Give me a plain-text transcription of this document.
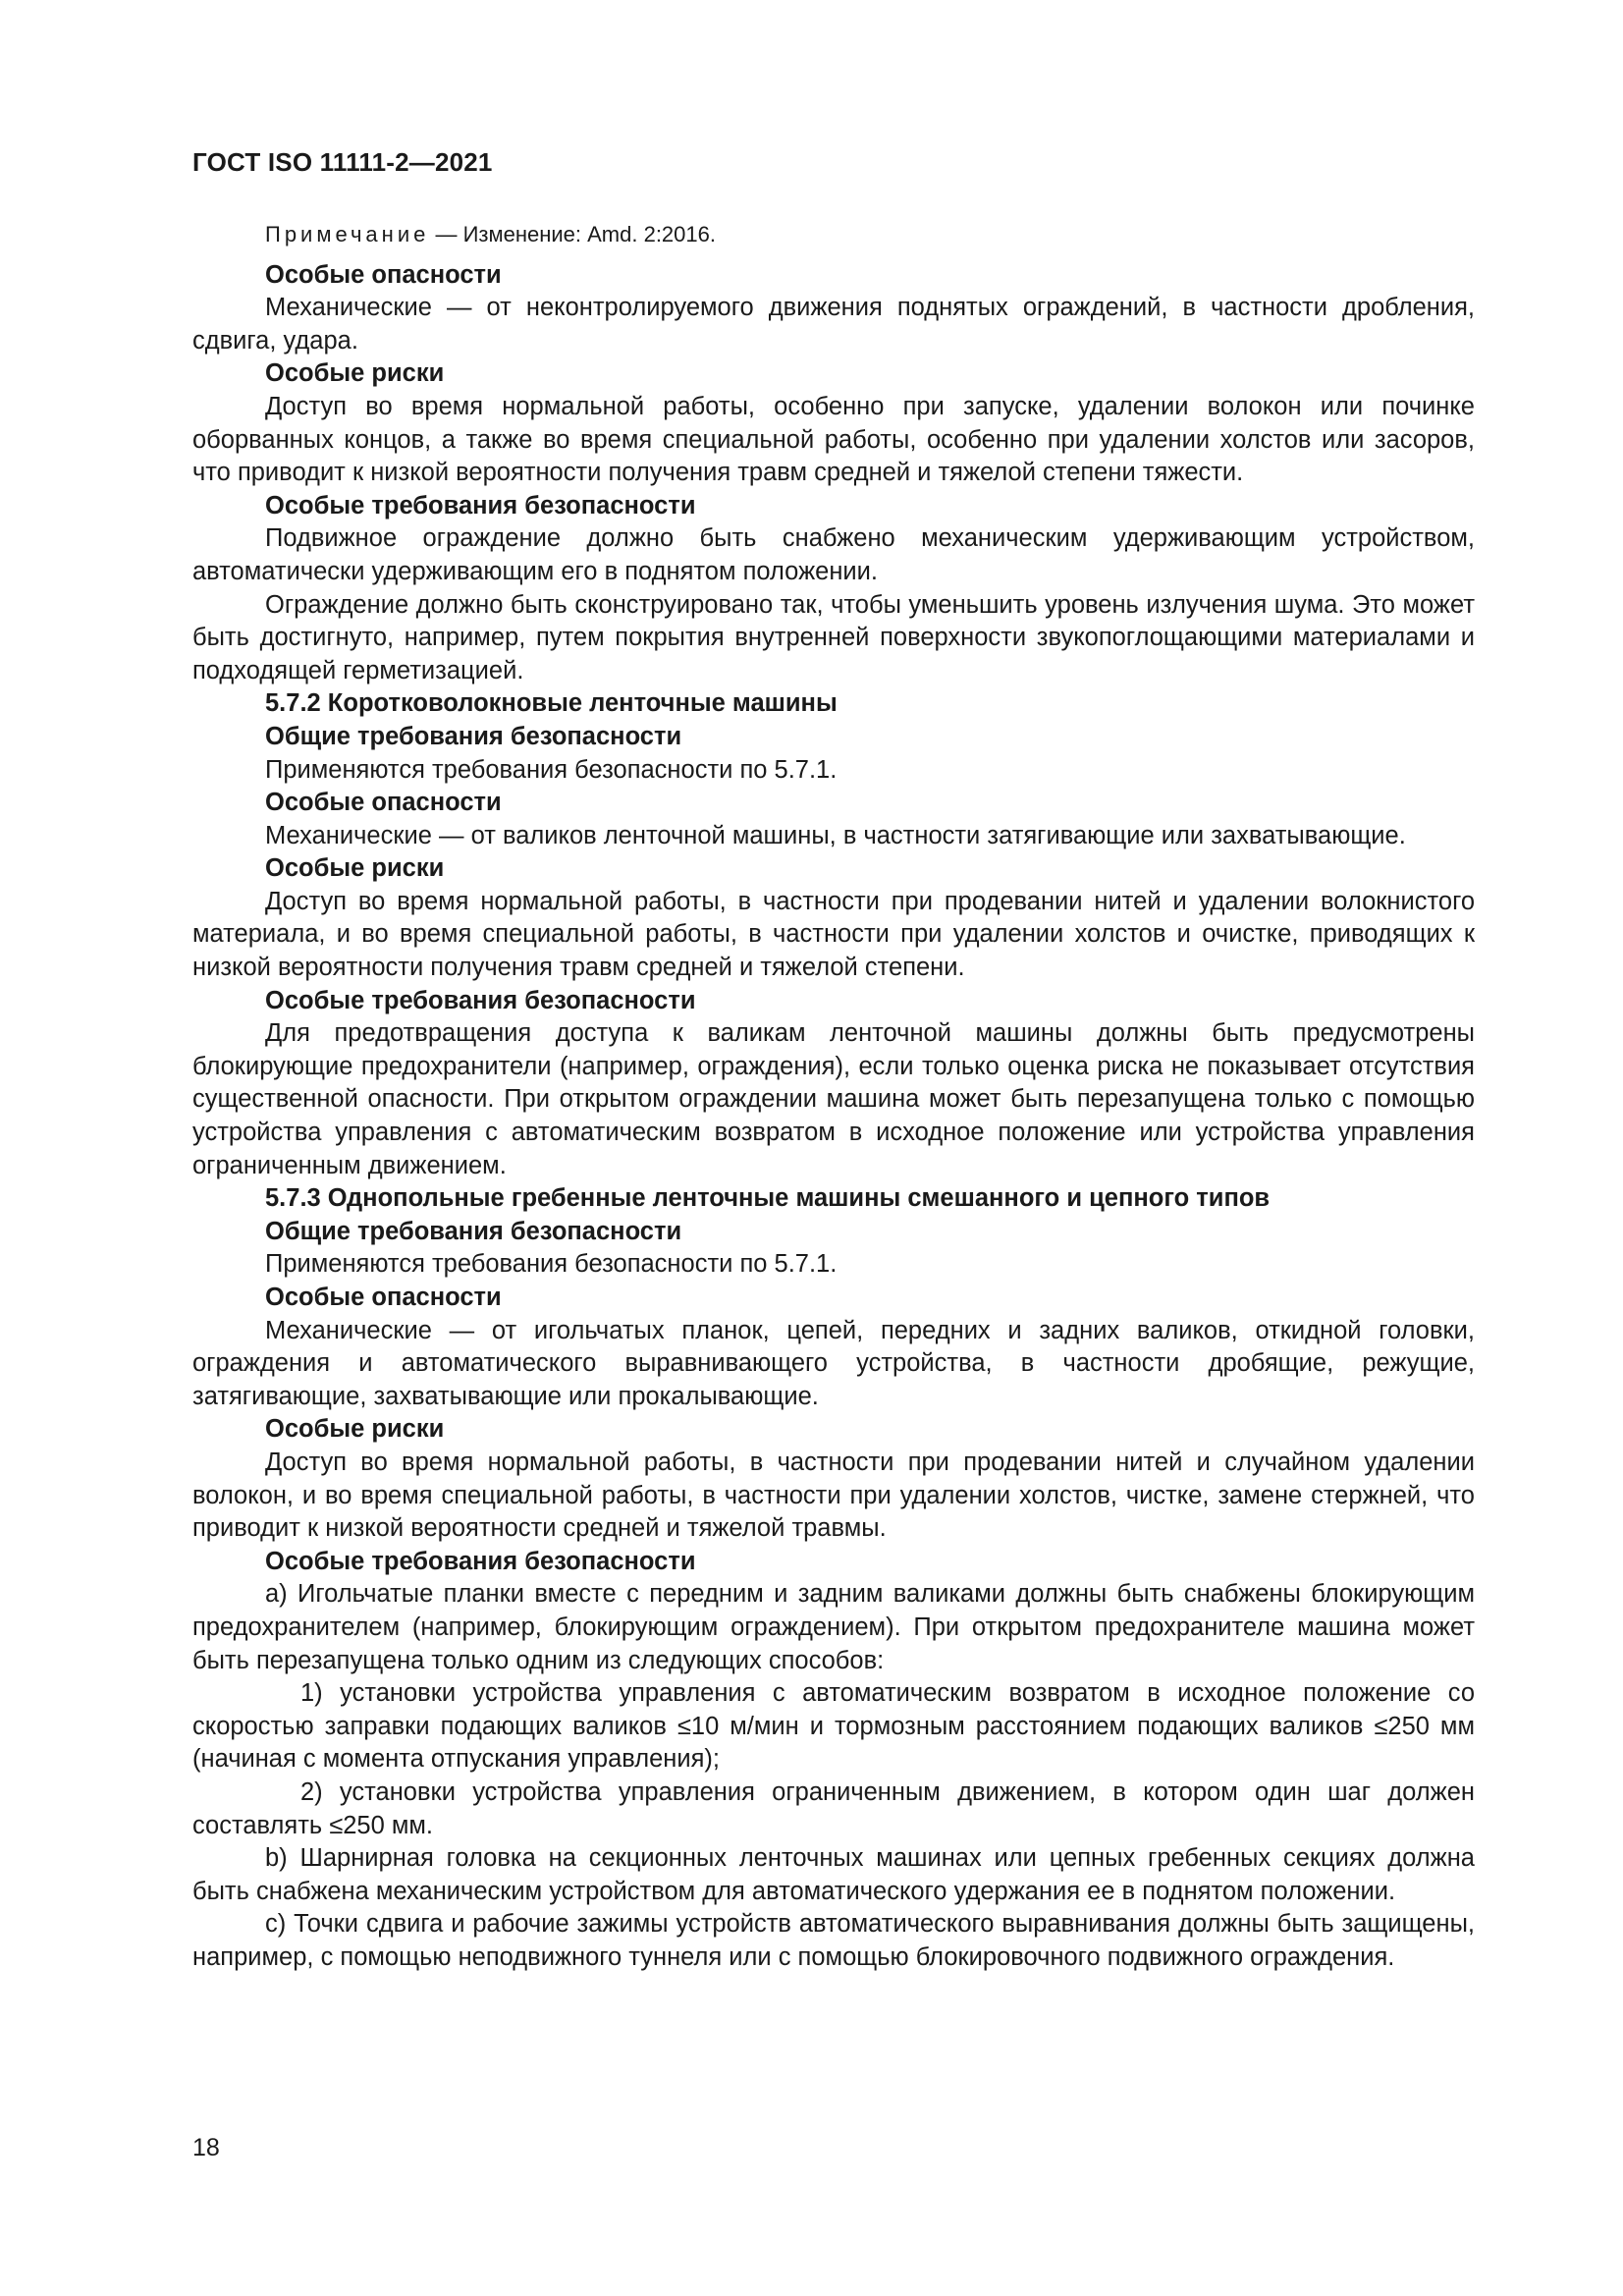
ГОСТ ISO 11111-2—2021

Примечание — Изменение: Amd. 2:2016.

Особые опасности

Механические — от неконтролируемого движения поднятых ограждений, в частности дробления, сдвига, удара.

Особые риски

Доступ во время нормальной работы, особенно при запуске, удалении волокон или починке оборванных концов, а также во время специальной работы, особенно при удалении холстов или засоров, что приводит к низкой вероятности получения травм средней и тяжелой степени тяжести.

Особые требования безопасности

Подвижное ограждение должно быть снабжено механическим удерживающим устройством, автоматически удерживающим его в поднятом положении.

Ограждение должно быть сконструировано так, чтобы уменьшить уровень излучения шума. Это может быть достигнуто, например, путем покрытия внутренней поверхности звукопоглощающими материалами и подходящей герметизацией.

5.7.2 Коротковолокновые ленточные машины

Общие требования безопасности

Применяются требования безопасности по 5.7.1.

Особые опасности

Механические — от валиков ленточной машины, в частности затягивающие или захватывающие.

Особые риски

Доступ во время нормальной работы, в частности при продевании нитей и удалении волокнистого материала, и во время специальной работы, в частности при удалении холстов и очистке, приводящих к низкой вероятности получения травм средней и тяжелой степени.

Особые требования безопасности

Для предотвращения доступа к валикам ленточной машины должны быть предусмотрены блокирующие предохранители (например, ограждения), если только оценка риска не показывает отсутствия существенной опасности. При открытом ограждении машина может быть перезапущена только с помощью устройства управления с автоматическим возвратом в исходное положение или устройства управления ограниченным движением.

5.7.3 Однопольные гребенные ленточные машины смешанного и цепного типов

Общие требования безопасности

Применяются требования безопасности по 5.7.1.

Особые опасности

Механические — от игольчатых планок, цепей, передних и задних валиков, откидной головки, ограждения и автоматического выравнивающего устройства, в частности дробящие, режущие, затягивающие, захватывающие или прокалывающие.

Особые риски

Доступ во время нормальной работы, в частности при продевании нитей и случайном удалении волокон, и во время специальной работы, в частности при удалении холстов, чистке, замене стержней, что приводит к низкой вероятности средней и тяжелой травмы.

Особые требования безопасности

а) Игольчатые планки вместе с передним и задним валиками должны быть снабжены блокирующим предохранителем (например, блокирующим ограждением). При открытом предохранителе машина может быть перезапущена только одним из следующих способов:

1) установки устройства управления с автоматическим возвратом в исходное положение со скоростью заправки подающих валиков ≤10 м/мин и тормозным расстоянием подающих валиков ≤250 мм (начиная с момента отпускания управления);

2) установки устройства управления ограниченным движением, в котором один шаг должен составлять ≤250 мм.

b) Шарнирная головка на секционных ленточных машинах или цепных гребенных секциях должна быть снабжена механическим устройством для автоматического удержания ее в поднятом положении.

с) Точки сдвига и рабочие зажимы устройств автоматического выравнивания должны быть защищены, например, с помощью неподвижного туннеля или с помощью блокировочного подвижного ограждения.

18
